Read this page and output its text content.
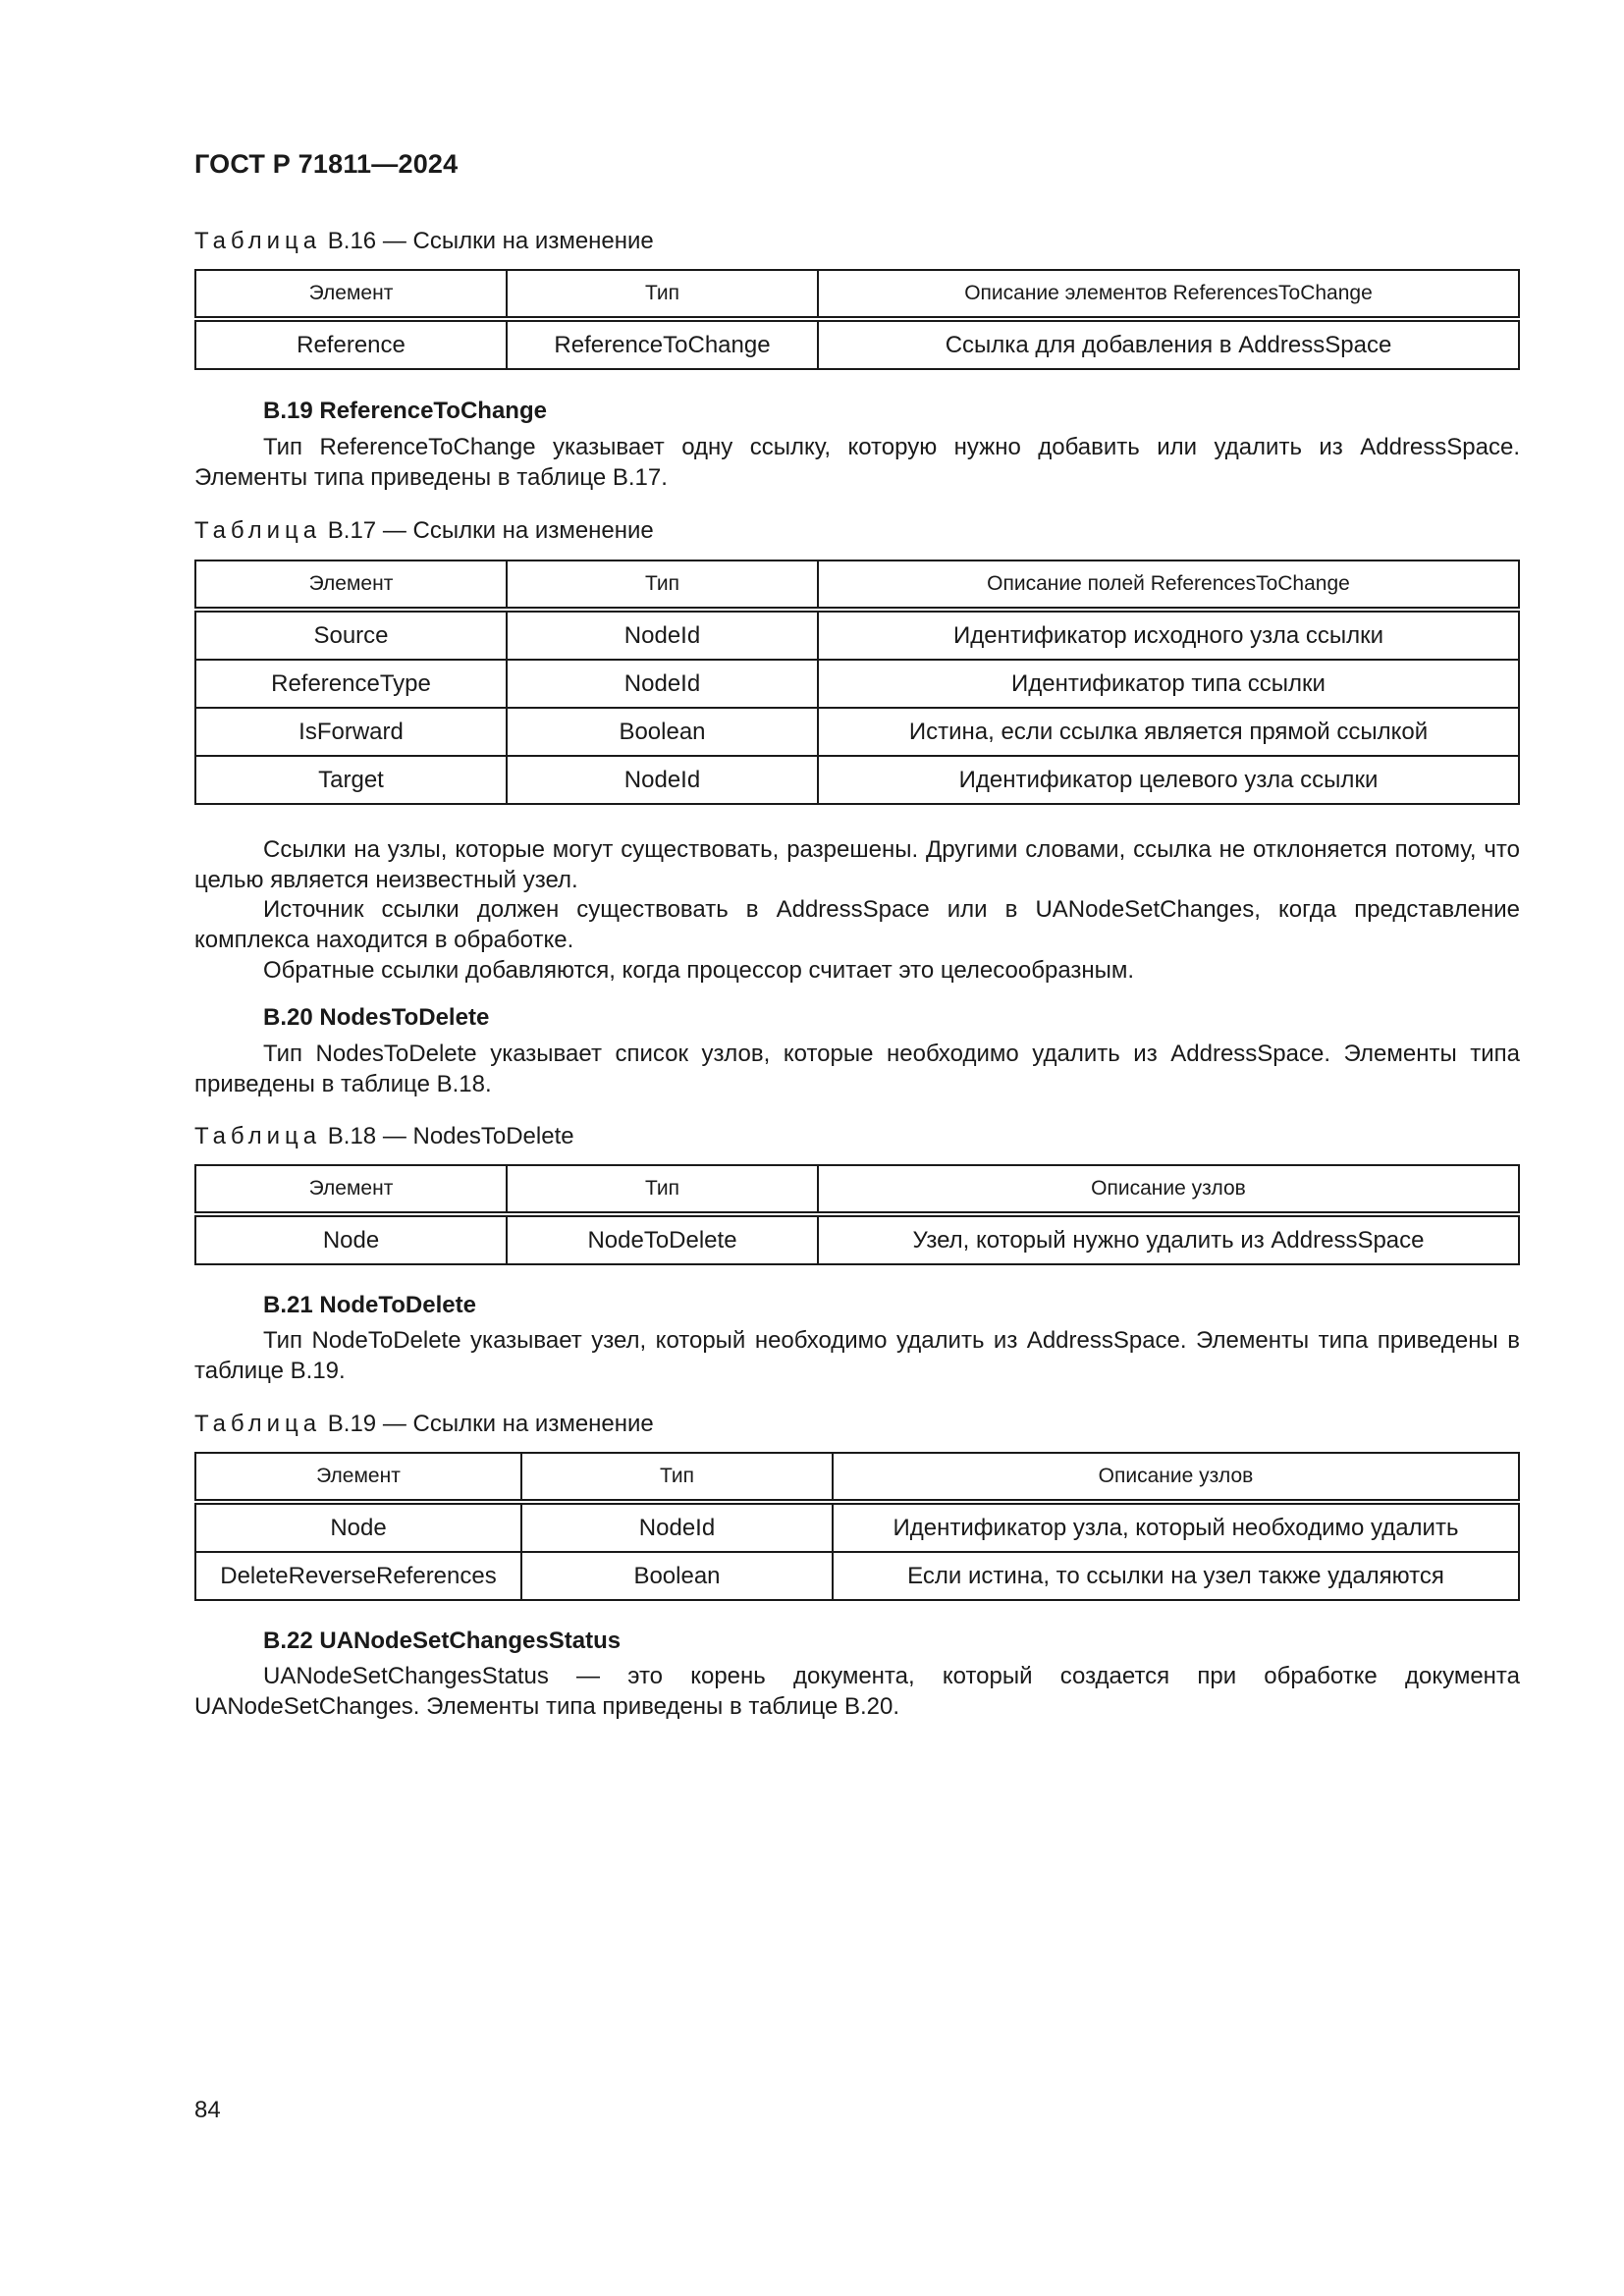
ГОСТ Р 71811—2024
Таблица В.16 — Ссылки на изменение
Элемент	Тип	Описание элементов ReferencesToChange
Reference	ReferenceToChange	Ссылка для добавления в AddressSpace
В.19 ReferenceToChange
Тип ReferenceToChange указывает одну ссылку, которую нужно добавить или удалить из AddressSpace. Элементы типа приведены в таблице В.17.
Таблица В.17 — Ссылки на изменение
Элемент	Тип	Описание полей ReferencesToChange
Source	NodeId	Идентификатор исходного узла ссылки
ReferenceType	NodeId	Идентификатор типа ссылки
IsForward	Boolean	Истина, если ссылка является прямой ссылкой
Target	NodeId	Идентификатор целевого узла ссылки
Ссылки на узлы, которые могут существовать, разрешены. Другими словами, ссылка не отклоняется потому, что целью является неизвестный узел.
Источник ссылки должен существовать в AddressSpace или в UANodeSetChanges, когда представление комплекса находится в обработке.
Обратные ссылки добавляются, когда процессор считает это целесообразным.
В.20 NodesToDelete
Тип NodesToDelete указывает список узлов, которые необходимо удалить из AddressSpace. Элементы типа приведены в таблице В.18.
Таблица В.18 — NodesToDelete
Элемент	Тип	Описание узлов
Node	NodeToDelete	Узел, который нужно удалить из AddressSpace
В.21 NodeToDelete
Тип NodeToDelete указывает узел, который необходимо удалить из AddressSpace. Элементы типа приведены в таблице В.19.
Таблица В.19 — Ссылки на изменение
Элемент	Тип	Описание узлов
Node	NodeId	Идентификатор узла, который необходимо удалить
DeleteReverseReferences	Boolean	Если истина, то ссылки на узел также удаляются
В.22 UANodeSetChangesStatus
UANodeSetChangesStatus — это корень документа, который создается при обработке документа UANodeSetChanges. Элементы типа приведены в таблице В.20.
84
